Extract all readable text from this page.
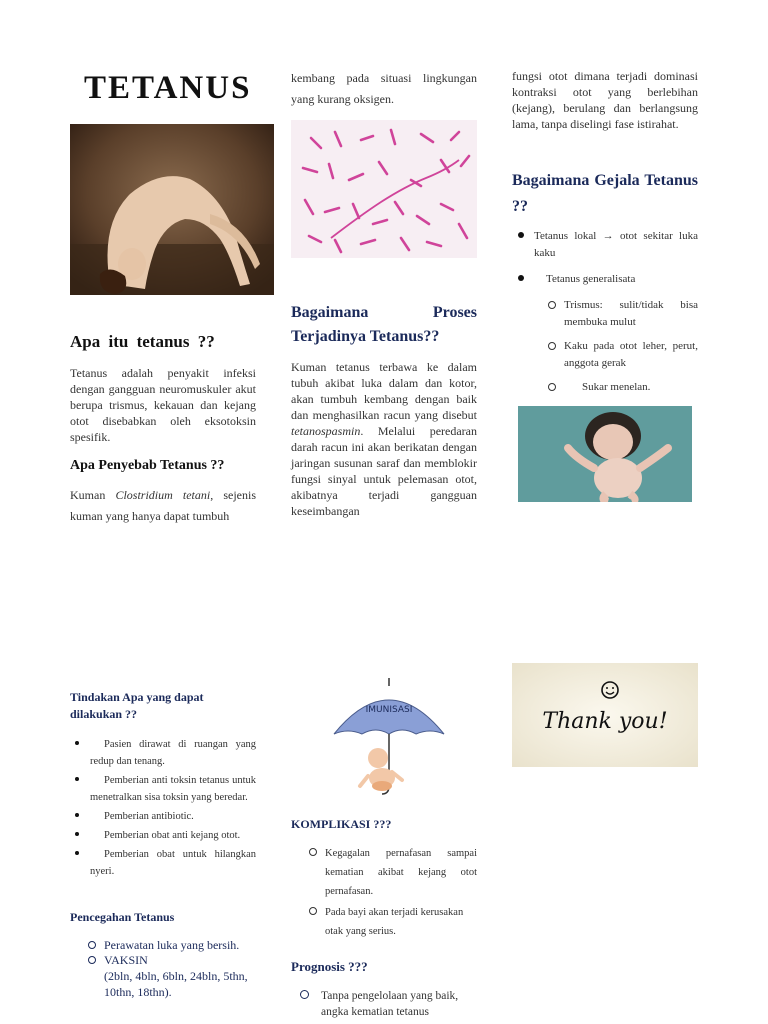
TETANUS
Apa itu tetanus ??
Tetanus adalah penyakit infeksi dengan gangguan neuromuskuler akut berupa trismus, kekauan dan kejang otot disebabkan oleh eksotoksin spesifik.
Apa Penyebab Tetanus ??
Kuman Clostridium tetani, sejenis kuman yang hanya dapat tumbuh
kembang pada situasi lingkungan yang kurang oksigen.
Bagaimana Proses Terjadinya Tetanus??
Kuman tetanus terbawa ke dalam tubuh akibat luka dalam dan kotor, akan tumbuh kembang dengan baik dan menghasilkan racun yang disebut tetanospasmin. Melalui peredaran darah racun ini akan berikatan dengan jaringan susunan saraf dan memblokir fungsi sinyal untuk pelemasan otot, akibatnya terjadi gangguan keseimbangan
fungsi otot dimana terjadi dominasi kontraksi otot yang berlebihan (kejang), berulang dan berlangsung lama, tanpa diselingi fase istirahat.
Bagaimana Gejala Tetanus ??
Tetanus lokal → otot sekitar luka kaku
Tetanus generalisata
Trismus: sulit/tidak bisa membuka mulut
Kaku pada otot leher, perut, anggota gerak
Sukar menelan.
Tindakan Apa yang dapat dilakukan ??
Pasien dirawat di ruangan yang redup dan tenang.
Pemberian anti toksin tetanus untuk menetralkan sisa toksin yang beredar.
Pemberian antibiotic.
Pemberian obat anti kejang otot.
Pemberian obat untuk hilangkan nyeri.
Pencegahan Tetanus
Perawatan luka yang bersih.
VAKSIN
(2bln, 4bln, 6bln, 24bln, 5thn, 10thn, 18thn).
IMUNISASI
KOMPLIKASI ???
Kegagalan pernafasan sampai kematian akibat kejang otot pernafasan.
Pada bayi akan terjadi kerusakan otak yang serius.
Prognosis ???
Tanpa pengelolaan yang baik, angka kematian tetanus
Thank you!
